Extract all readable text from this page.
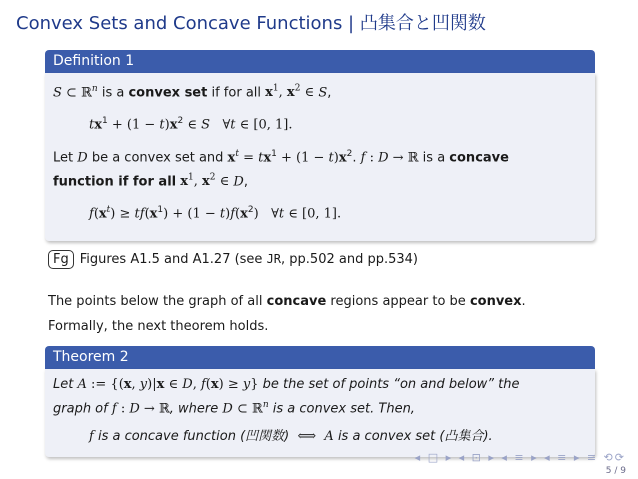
Convex Sets and Concave Functions | 凸集合と凹関数
Definition 1
S ⊂ ℝ$^n$ is a convex set if for all $x^1$, $x^2$ ∈ S,
$tx^1 + (1 - t)x^2$ ∈ S ∀t ∈ [0, 1].
Let D be a convex set and $x^t = tx^1 + (1 - t)x^2$. f : D → ℝ is a concave
function if for all $x^1$, $x^2$ ∈ D,
$f(x^t) \ge tf(x^1) + (1 - t)f(x^2)$ ∀t ∈ [0, 1].
Fg Figures A1.5 and A1.27 (see JR, pp.502 and pp.534)
The points below the graph of all concave regions appear to be convex.
Formally, the next theorem holds.
Theorem 2
Let A := {(x, y)|x ∈ D, f(x) ≥ y} be the set of points “on and below” the
graph of f : D → ℝ, where D ⊂ ℝ$^n$ is a convex set. Then,
f is a concave function (凹関数) ⟺ A is a convex set (凸集合).
◂ □ ▸ ◂ ⊡ ▸ ◂ ≡ ▸ ◂ ≡ ▸ ≡ ⟲⟳
5 / 9
